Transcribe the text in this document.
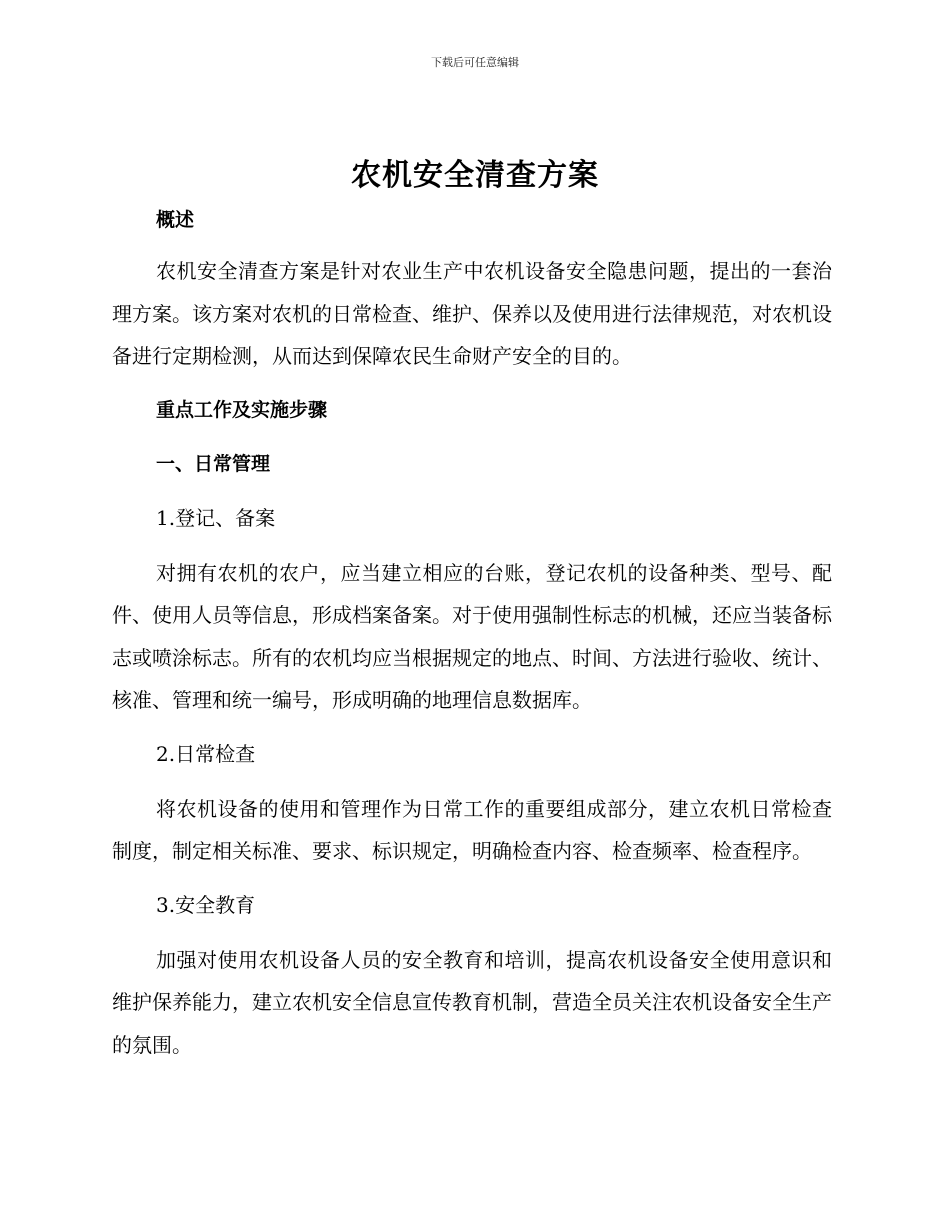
下载后可任意编辑
农机安全清查方案
概述

农机安全清查方案是针对农业生产中农机设备安全隐患问题，提出的一套治理方案。该方案对农机的日常检查、维护、保养以及使用进行法律规范，对农机设备进行定期检测，从而达到保障农民生命财产安全的目的。

重点工作及实施步骤
一、日常管理
1.登记、备案

对拥有农机的农户，应当建立相应的台账，登记农机的设备种类、型号、配件、使用人员等信息，形成档案备案。对于使用强制性标志的机械，还应当装备标志或喷涂标志。所有的农机均应当根据规定的地点、时间、方法进行验收、统计、核准、管理和统一编号，形成明确的地理信息数据库。

2.日常检查

将农机设备的使用和管理作为日常工作的重要组成部分，建立农机日常检查制度，制定相关标准、要求、标识规定，明确检查内容、检查频率、检查程序。

3.安全教育

加强对使用农机设备人员的安全教育和培训，提高农机设备安全使用意识和维护保养能力，建立农机安全信息宣传教育机制，营造全员关注农机设备安全生产的氛围。
